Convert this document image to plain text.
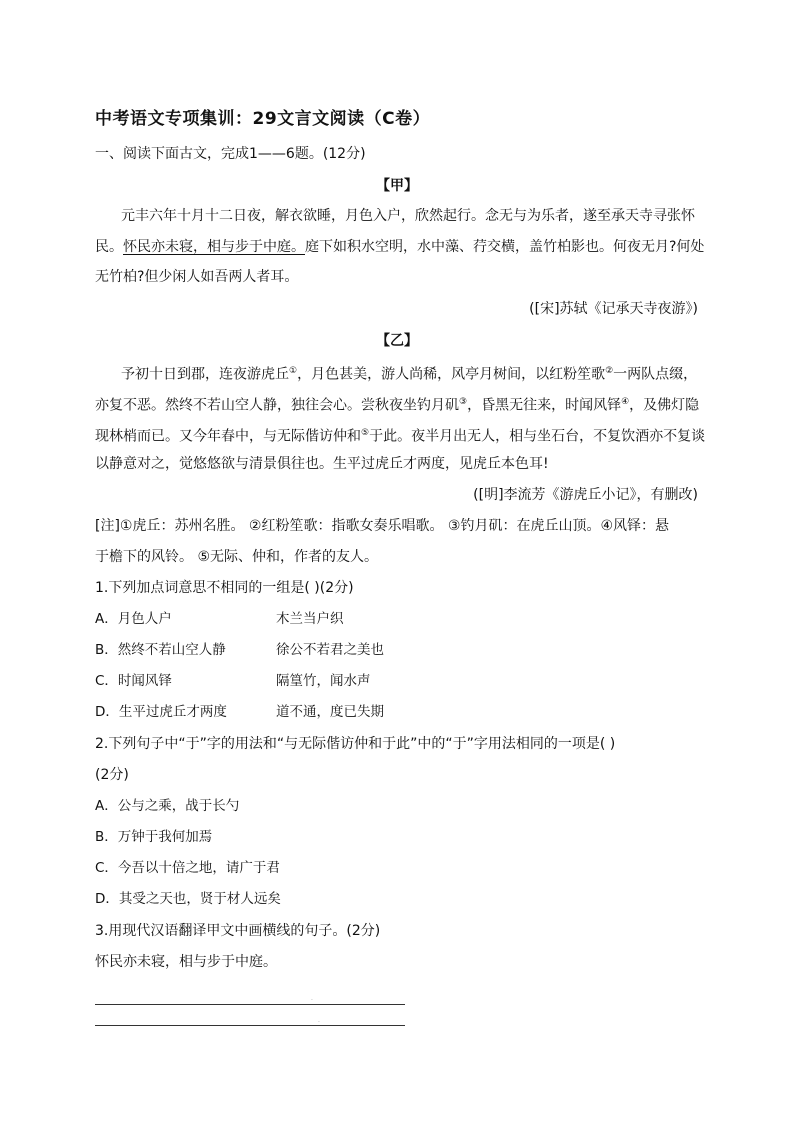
中考语文专项集训：29文言文阅读（C卷）
一、阅读下面古文，完成1——6题。(12分)
【甲】
元丰六年十月十二日夜，解衣欲睡，月色入户，欣然起行。念无与为乐者，遂至承天寺寻张怀
民。怀民亦未寝，相与步于中庭。庭下如积水空明，水中藻、荇交横，盖竹柏影也。何夜无月?何处
无竹柏?但少闲人如吾两人者耳。
([宋]苏轼《记承天寺夜游》)
【乙】
予初十日到郡，连夜游虎丘①，月色甚美，游人尚稀，风亭月树间，以红粉笙歌②一两队点缀，
亦复不恶。然终不若山空人静，独往会心。尝秋夜坐钓月矶③，昏黑无往来，时闻风铎④，及佛灯隐
现林梢而已。又今年春中，与无际偕访仲和⑤于此。夜半月出无人，相与坐石台，不复饮酒亦不复谈
以静意对之，觉悠悠欲与清景俱往也。生平过虎丘才两度，见虎丘本色耳!
([明]李流芳《游虎丘小记》，有删改)
[注]①虎丘：苏州名胜。 ②红粉笙歌：指歌女奏乐唱歌。 ③钓月矶：在虎丘山顶。④风铎：悬
于檐下的风铃。 ⑤无际、仲和，作者的友人。
1.下列加点词意思不相同的一组是( )(2分)
A．月色人户	木兰当户织
B．然终不若山空人静	徐公不若君之美也
C．时闻风铎	隔篁竹，闻水声
D．生平过虎丘才两度	道不通，度已失期
2.下列句子中“于”字的用法和“与无际偕访仲和于此”中的“于”字用法相同的一项是( )
(2分)
A．公与之乘，战于长勺
B．万钟于我何加焉
C．今吾以十倍之地，请广于君
D．其受之天也，贤于材人远矣
3.用现代汉语翻译甲文中画横线的句子。(2分)
怀民亦未寝，相与步于中庭。
·
·
